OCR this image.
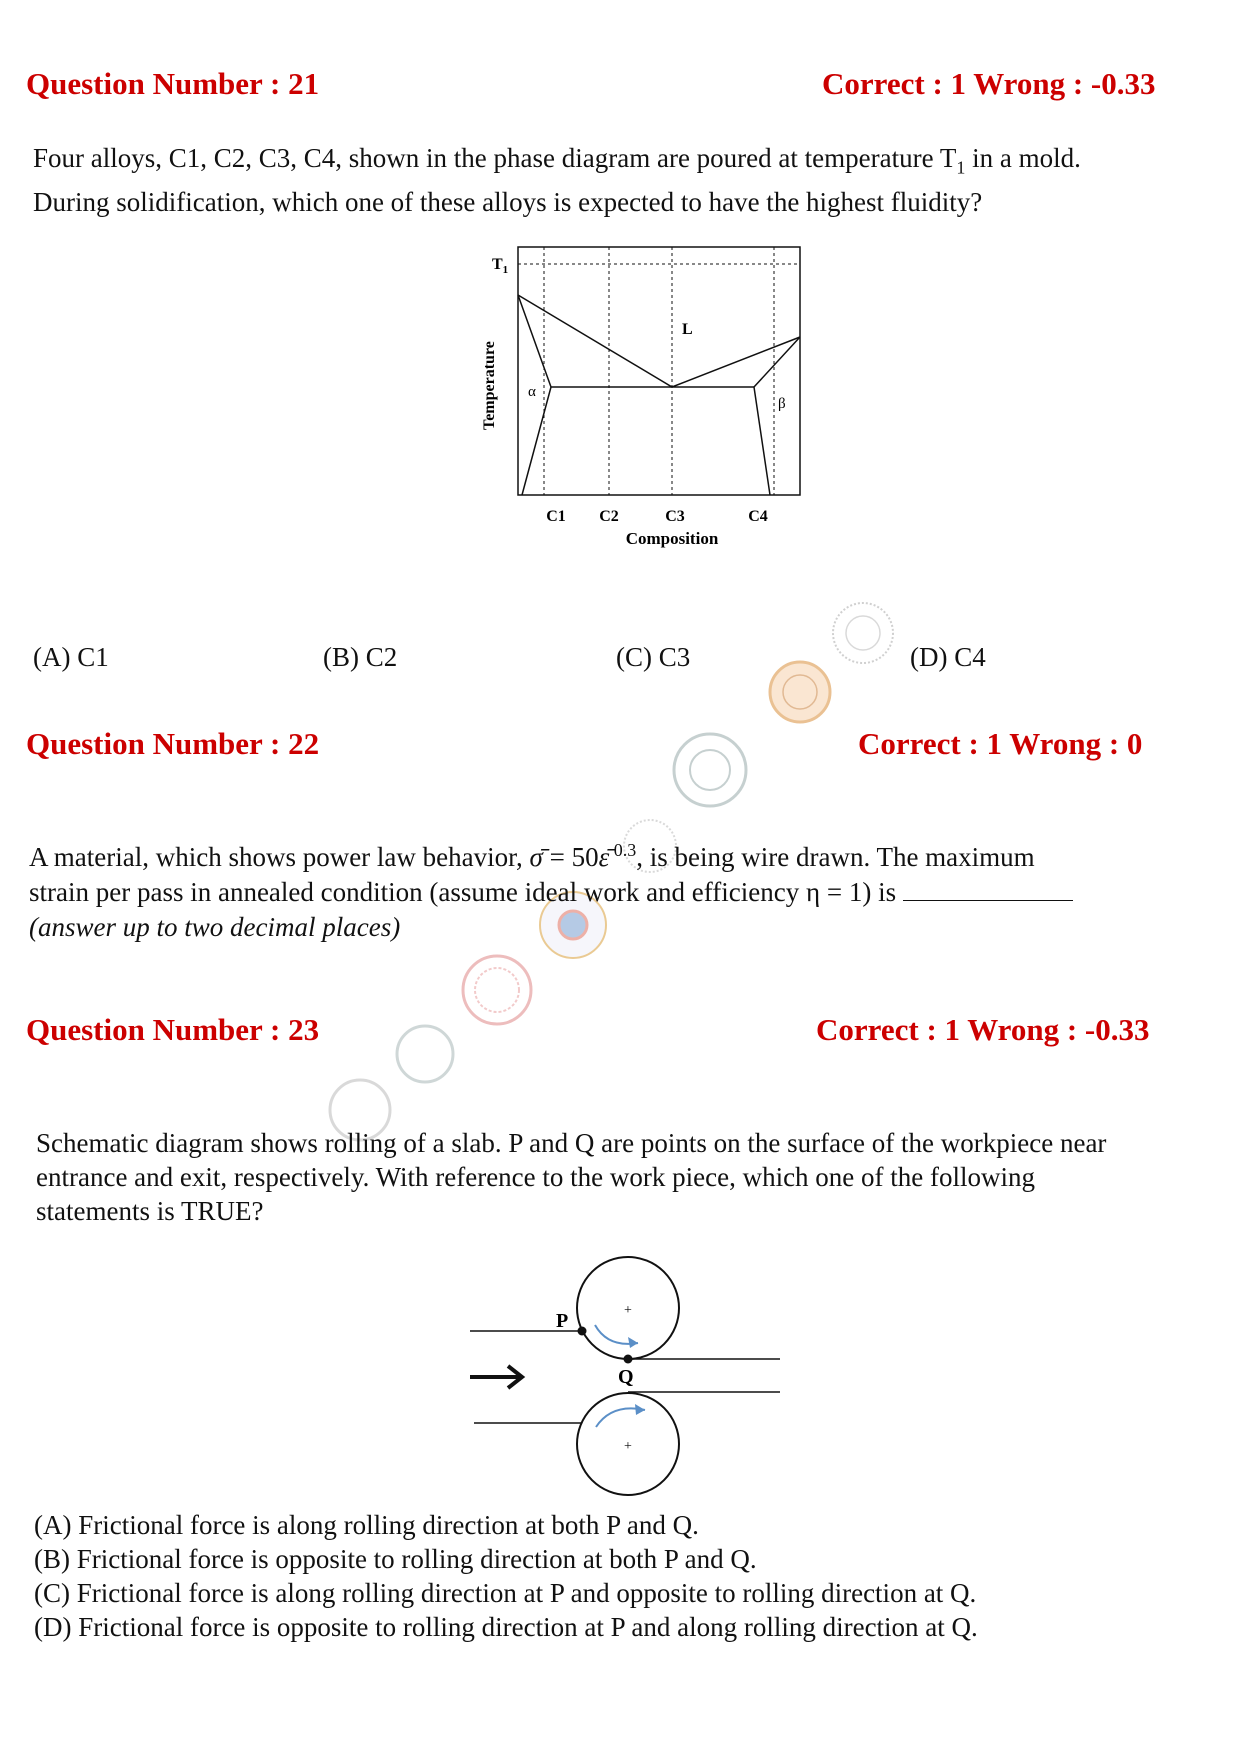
Question Number : 21	Correct : 1 Wrong : -0.33
Four alloys, C1, C2, C3, C4, shown in the phase diagram are poured at temperature $T_1$ in a mold.
During solidification, which one of these alloys is expected to have the highest fluidity?
$T_1$
L
α
β
Temperature
C1 C2	C3	C4
Composition
(A) C1	(B) C2	(C) C3	(D) C4
Question Number : 22	Correct : 1 Wrong : 0
A material, which shows power law behavior, σ̄ = 50ε̄ $^{0.3}$, is being wire drawn. The maximum
strain per pass in annealed condition (assume ideal work and efficiency η = 1) is
(answer up to two decimal places)
Question Number : 23	Correct : 1 Wrong : -0.33
Schematic diagram shows rolling of a slab. P and Q are points on the surface of the workpiece near
entrance and exit, respectively. With reference to the work piece, which one of the following
statements is TRUE?
+
+
P
Q
(A) Frictional force is along rolling direction at both P and Q.
(B) Frictional force is opposite to rolling direction at both P and Q.
(C) Frictional force is along rolling direction at P and opposite to rolling direction at Q.
(D) Frictional force is opposite to rolling direction at P and along rolling direction at Q.
